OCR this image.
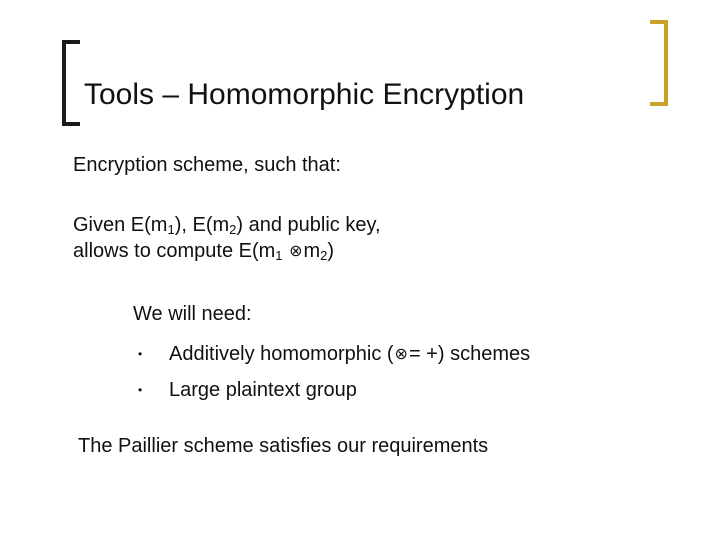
Tools – Homomorphic Encryption
Encryption scheme, such that:
Given $E(m_1)$, $E(m_2)$ and public key,
allows to compute $E(m_1$ $\otimes m_2$)
We will need:
• Additively homomorphic (⊗= +) schemes
• Large plaintext group
The Paillier scheme satisfies our requirements
